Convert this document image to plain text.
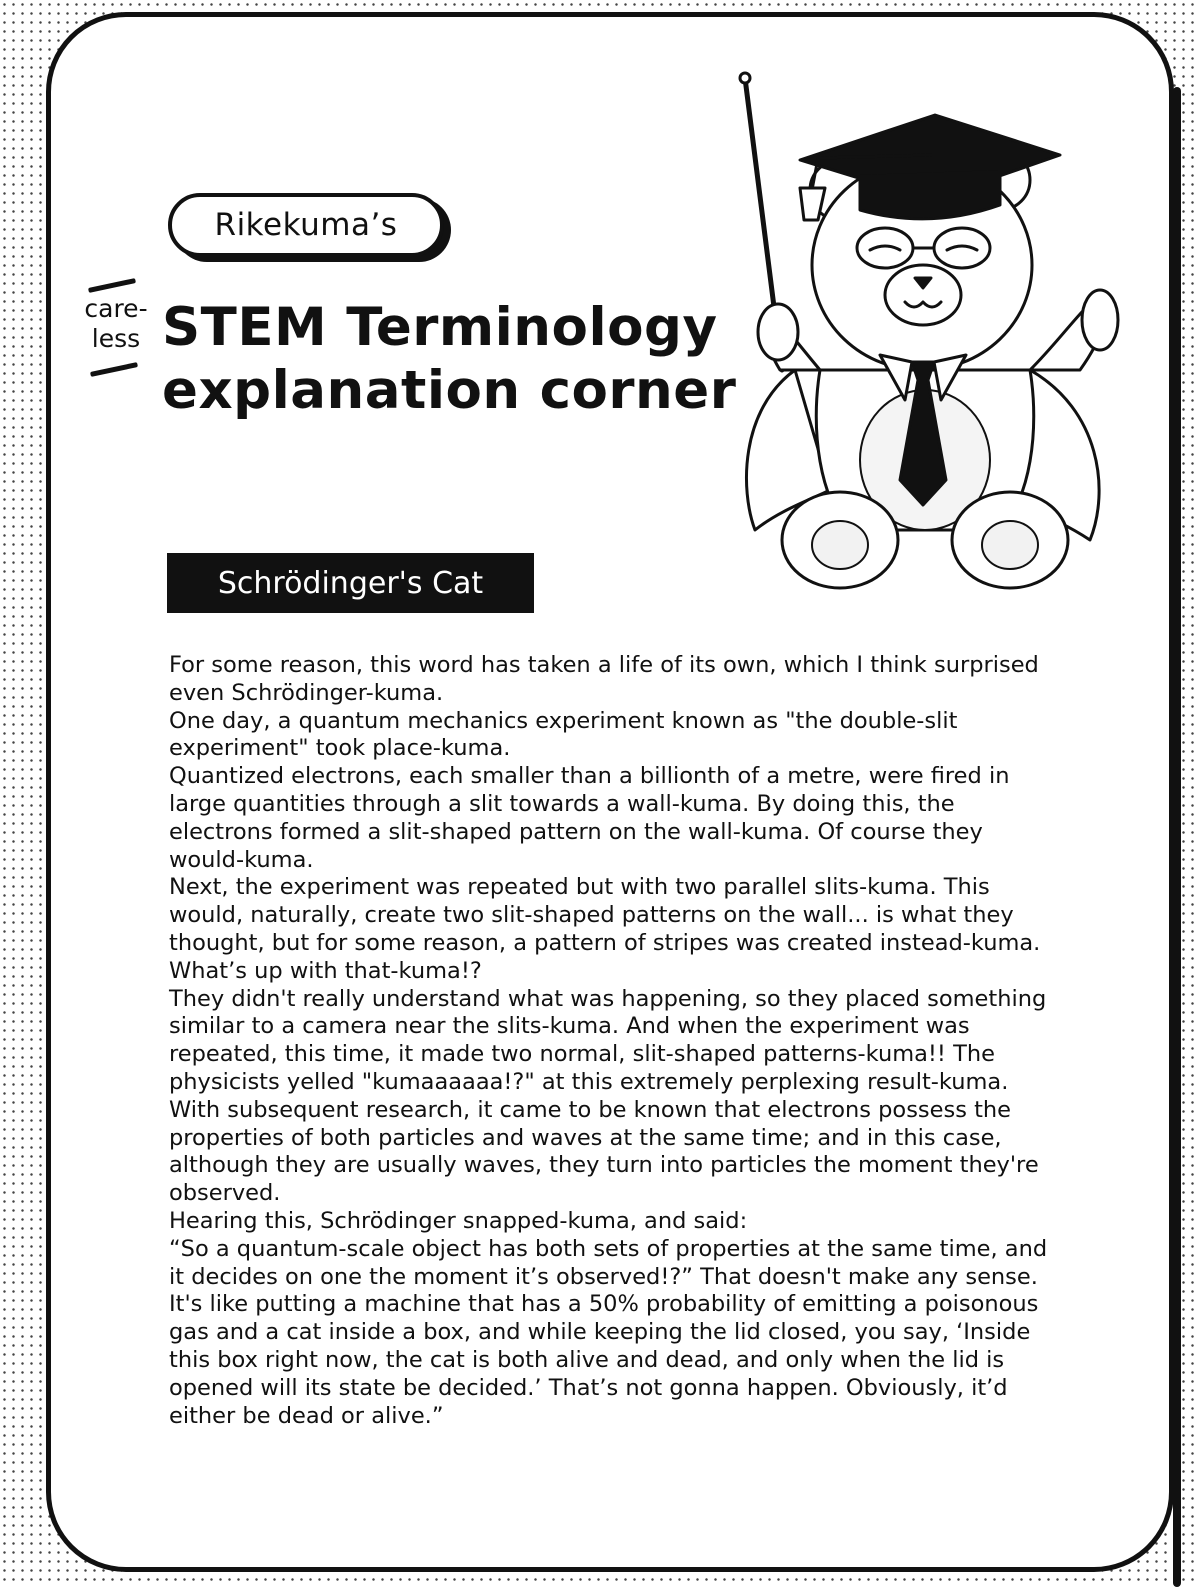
Rikekuma’s
care-
less STEM Terminology
explanation corner
Schrödinger's Cat

For some reason, this word has taken a life of its own, which I think surprised even Schrödinger-kuma.

One day, a quantum mechanics experiment known as "the double-slit experiment" took place-kuma.

Quantized electrons, each smaller than a billionth of a metre, were fired in large quantities through a slit towards a wall-kuma. By doing this, the electrons formed a slit-shaped pattern on the wall-kuma. Of course they would-kuma.

Next, the experiment was repeated but with two parallel slits-kuma. This would, naturally, create two slit-shaped patterns on the wall... is what they thought, but for some reason, a pattern of stripes was created instead-kuma. What’s up with that-kuma!?

They didn't really understand what was happening, so they placed something similar to a camera near the slits-kuma. And when the experiment was repeated, this time, it made two normal, slit-shaped patterns-kuma!! The physicists yelled "kumaaaaaa!?" at this extremely perplexing result-kuma.

With subsequent research, it came to be known that electrons possess the properties of both particles and waves at the same time; and in this case, although they are usually waves, they turn into particles the moment they're observed.

Hearing this, Schrödinger snapped-kuma, and said:

“So a quantum-scale object has both sets of properties at the same time, and it decides on one the moment it’s observed!?” That doesn't make any sense. It's like putting a machine that has a 50% probability of emitting a poisonous gas and a cat inside a box, and while keeping the lid closed, you say, ‘Inside this box right now, the cat is both alive and dead, and only when the lid is opened will its state be decided.’ That’s not gonna happen. Obviously, it’d either be dead or alive.”
